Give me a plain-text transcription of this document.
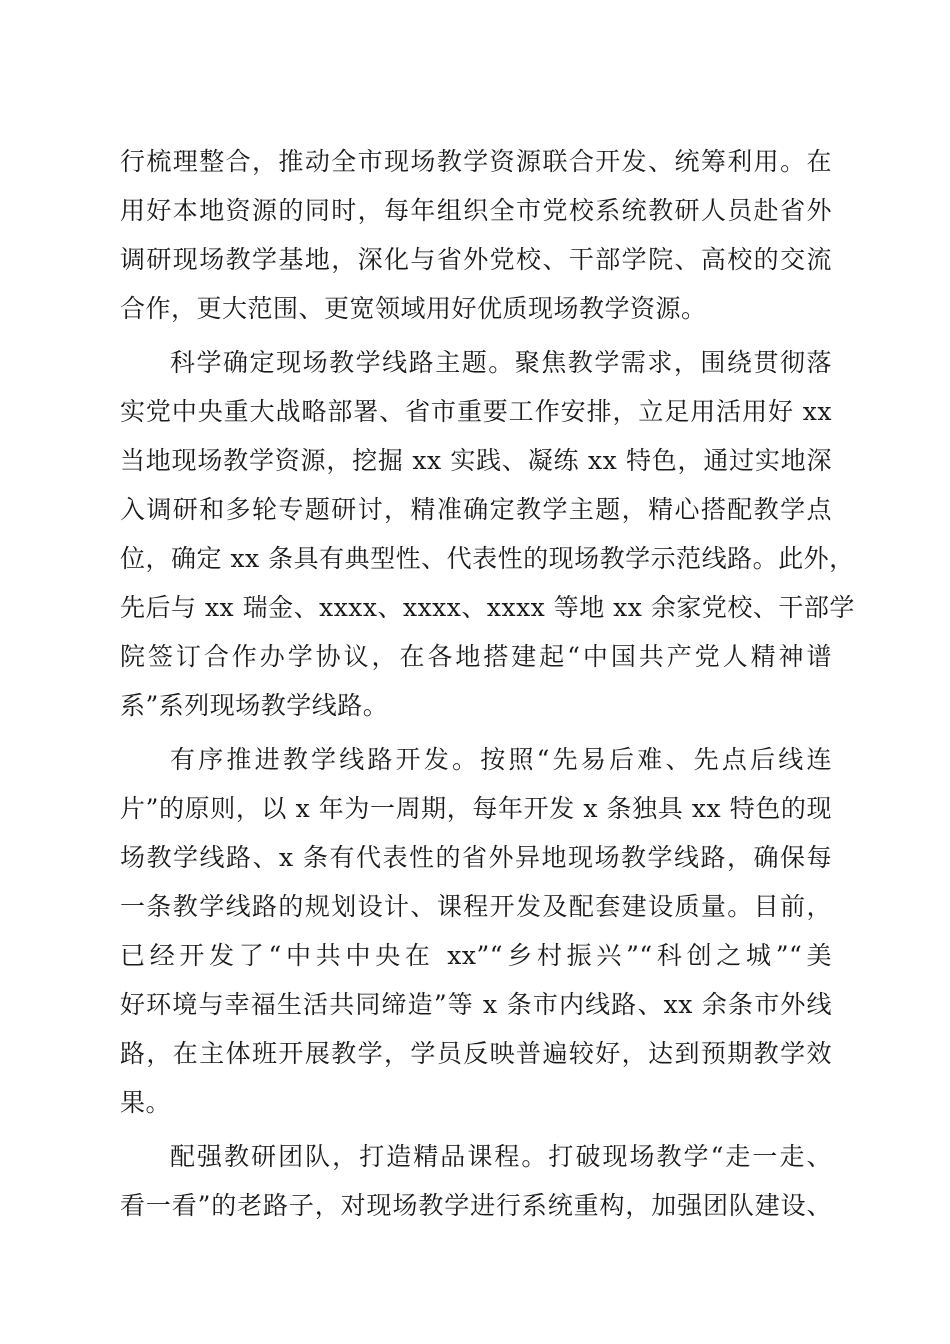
行梳理整合，推动全市现场教学资源联合开发、统筹利用。在
用好本地资源的同时，每年组织全市党校系统教研人员赴省外
调研现场教学基地，深化与省外党校、干部学院、高校的交流
合作，更大范围、更宽领域用好优质现场教学资源。
科学确定现场教学线路主题。聚焦教学需求，围绕贯彻落
实党中央重大战略部署、省市重要工作安排，立足用活用好 xx
当地现场教学资源，挖掘 xx 实践、凝练 xx 特色，通过实地深
入调研和多轮专题研讨，精准确定教学主题，精心搭配教学点
位，确定 xx 条具有典型性、代表性的现场教学示范线路。此外，
先后与 xx 瑞金、xxxx、xxxx、xxxx 等地 xx 余家党校、干部学
院签订合作办学协议，在各地搭建起“中国共产党人精神谱
系”系列现场教学线路。
有序推进教学线路开发。按照“先易后难、先点后线连
片”的原则，以 x 年为一周期，每年开发 x 条独具 xx 特色的现
场教学线路、x 条有代表性的省外异地现场教学线路，确保每
一条教学线路的规划设计、课程开发及配套建设质量。目前，
已经开发了“中共中央在 xx”“乡村振兴”“科创之城”“美
好环境与幸福生活共同缔造”等 x 条市内线路、xx 余条市外线
路，在主体班开展教学，学员反映普遍较好，达到预期教学效
果。
配强教研团队，打造精品课程。打破现场教学“走一走、
看一看”的老路子，对现场教学进行系统重构，加强团队建设、
